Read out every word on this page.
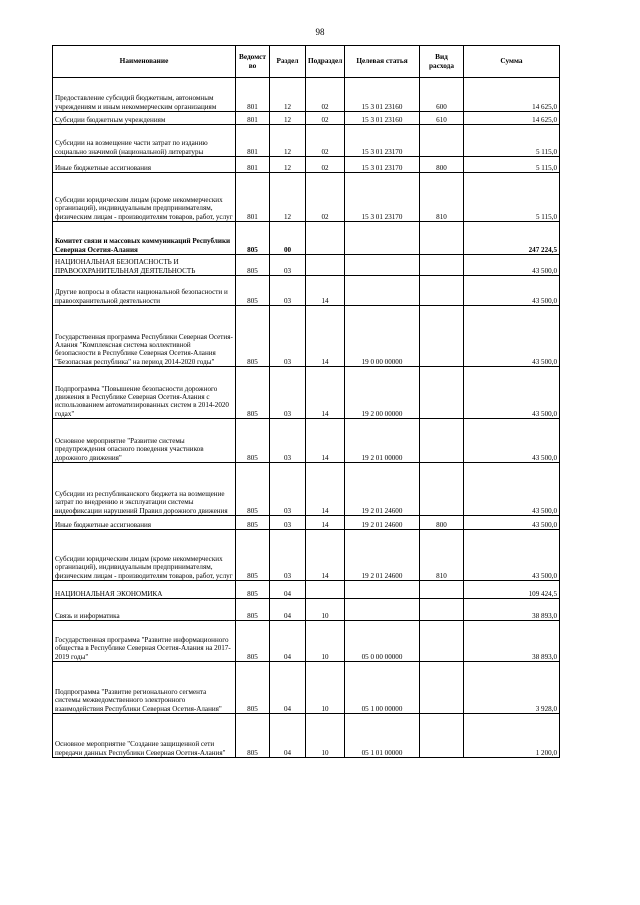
98
Наименование	Ведомст во	Раздел	Подраздел	Целевая статья	Вид расхода	Сумма
Предоставление субсидий бюджетным, автономным учреждениям и иным некоммерческим организациям	801	12	02	15 3 01 23160	600	14 625,0
Субсидии бюджетным учреждениям	801	12	02	15 3 01 23160	610	14 625,0
Субсидии на возмещение части затрат по изданию социально значимой (национальной) литературы	801	12	02	15 3 01 23170		5 115,0
Иные бюджетные ассигнования	801	12	02	15 3 01 23170	800	5 115,0
Субсидии юридическим лицам (кроме некоммерческих организаций), индивидуальным предпринимателям, физическим лицам - производителям товаров, работ, услуг	801	12	02	15 3 01 23170	810	5 115,0
Комитет связи и массовых коммуникаций Республики Северная Осетия-Алания	805	00				247 224,5
НАЦИОНАЛЬНАЯ БЕЗОПАСНОСТЬ И ПРАВООХРАНИТЕЛЬНАЯ ДЕЯТЕЛЬНОСТЬ	805	03				43 500,0
Другие вопросы в области национальной безопасности и правоохранительной деятельности	805	03	14			43 500,0
Государственная программа Республики Северная Осетия-Алания "Комплексная система коллективной безопасности в Республике Северная Осетия-Алания "Безопасная республика" на период 2014-2020 годы"	805	03	14	19 0 00 00000		43 500,0
Подпрограмма "Повышение безопасности дорожного движения в Республике Северная Осетия-Алания с использованием автоматизированных систем в 2014-2020 годах"	805	03	14	19 2 00 00000		43 500,0
Основное мероприятие "Развитие системы предупреждения опасного поведения участников дорожного движения"	805	03	14	19 2 01 00000		43 500,0
Субсидии из республиканского бюджета на возмещение затрат по внедрению и эксплуатации системы видеофиксации нарушений Правил дорожного движения	805	03	14	19 2 01 24600		43 500,0
Иные бюджетные ассигнования	805	03	14	19 2 01 24600	800	43 500,0
Субсидии юридическим лицам (кроме некоммерческих организаций), индивидуальным предпринимателям, физическим лицам - производителям товаров, работ, услуг	805	03	14	19 2 01 24600	810	43 500,0
НАЦИОНАЛЬНАЯ ЭКОНОМИКА	805	04				109 424,5
Связь и информатика	805	04	10			38 893,0
Государственная программа "Развитие информационного общества в Республике Северная Осетия-Алания на 2017-2019 годы"	805	04	10	05 0 00 00000		38 893,0
Подпрограмма "Развитие регионального сегмента системы межведомственного электронного взаимодействия Республики Северная Осетия-Алания"	805	04	10	05 1 00 00000		3 928,0
Основное мероприятие "Создание защищенной сети передачи данных Республики Северная Осетия-Алания"	805	04	10	05 1 01 00000		1 200,0
